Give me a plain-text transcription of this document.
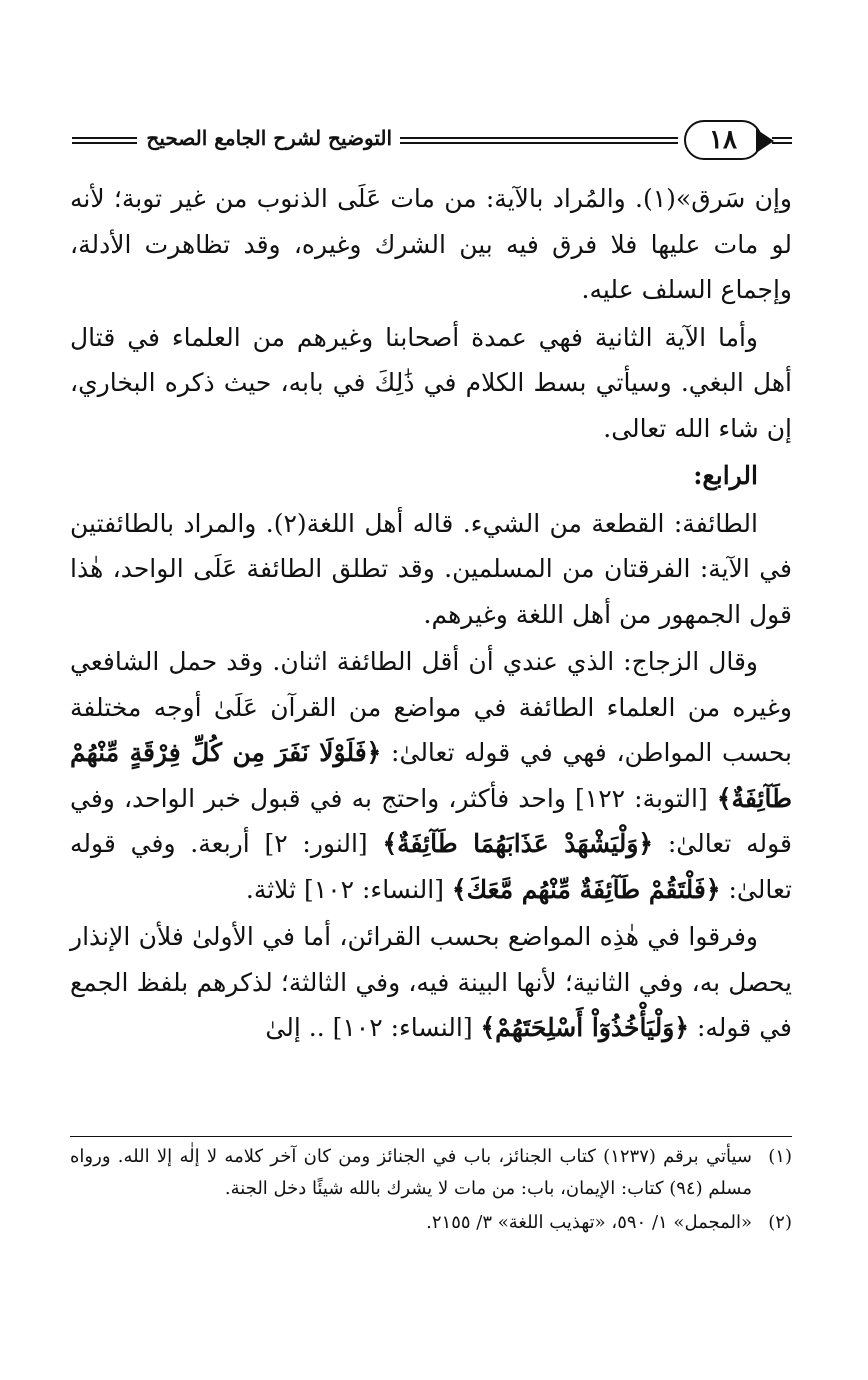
التوضيح لشرح الجامع الصحيح	١٨

وإن سَرق»(١). والمُراد بالآية: من مات عَلَى الذنوب من غير توبة؛ لأنه لو مات عليها فلا فرق فيه بين الشرك وغيره، وقد تظاهرت الأدلة، وإجماع السلف عليه.

وأما الآية الثانية فهي عمدة أصحابنا وغيرهم من العلماء في قتال أهل البغي. وسيأتي بسط الكلام في ذَٰلِكَ في بابه، حيث ذكره البخاري، إن شاء الله تعالى.

الرابع:

الطائفة: القطعة من الشيء. قاله أهل اللغة(٢). والمراد بالطائفتين في الآية: الفرقتان من المسلمين. وقد تطلق الطائفة عَلَى الواحد، هٰذا قول الجمهور من أهل اللغة وغيرهم.

وقال الزجاج: الذي عندي أن أقل الطائفة اثنان. وقد حمل الشافعي وغيره من العلماء الطائفة في مواضع من القرآن عَلَىٰ أوجه مختلفة بحسب المواطن، فهي في قوله تعالىٰ: ﴿فَلَوْلَا نَفَرَ مِن كُلِّ فِرْقَةٍ مِّنْهُمْ طَآئِفَةٌ﴾ [التوبة: ١٢٢] واحد فأكثر، واحتج به في قبول خبر الواحد، وفي قوله تعالىٰ: ﴿وَلْيَشْهَدْ عَذَابَهُمَا طَآئِفَةٌ﴾ [النور: ٢] أربعة. وفي قوله تعالىٰ: ﴿فَلْتَقُمْ طَآئِفَةٌ مِّنْهُم مَّعَكَ﴾ [النساء: ١٠٢] ثلاثة.

وفرقوا في هٰذِه المواضع بحسب القرائن، أما في الأولىٰ فلأن الإنذار يحصل به، وفي الثانية؛ لأنها البينة فيه، وفي الثالثة؛ لذكرهم بلفظ الجمع في قوله: ﴿وَلْيَأْخُذُوٓاْ أَسْلِحَتَهُمْ﴾ [النساء: ١٠٢] .. إلىٰ

(١)
سيأتي برقم (١٢٣٧) كتاب الجنائز، باب في الجنائز ومن كان آخر كلامه لا إلٰه إلا الله. ورواه مسلم (٩٤) كتاب: الإيمان، باب: من مات لا يشرك بالله شيئًا دخل الجنة.

(٢)
«المجمل» ١/ ٥٩٠، «تهذيب اللغة» ٣/ ٢١٥٥.
